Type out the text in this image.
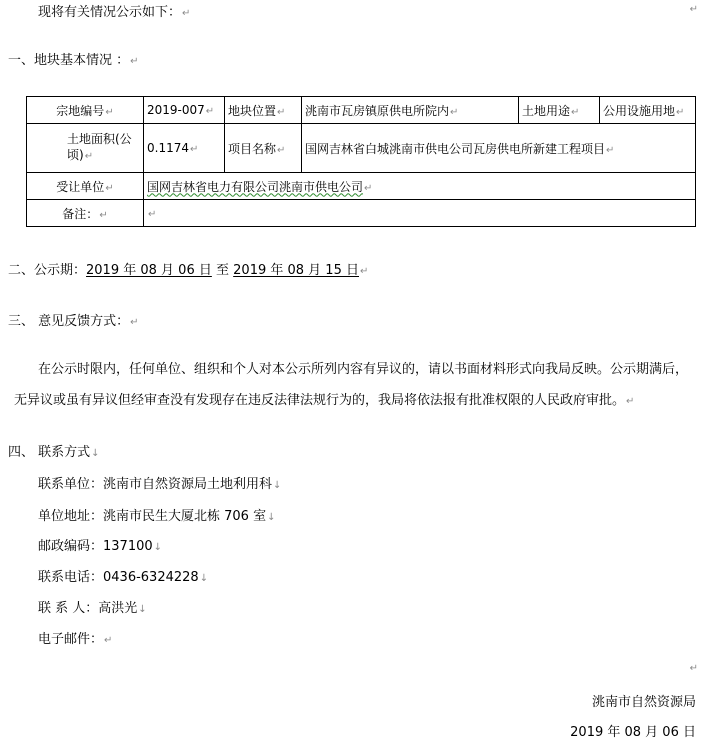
↵
现将有关情况公示如下：↵
一、地块基本情况 ：↵
宗地编号↵	2019-007↵	地块位置↵	洮南市瓦房镇原供电所院内↵	土地用途↵	公用设施用地↵
土地面积(公顷)↵	0.1174↵	项目名称↵	国网吉林省白城洮南市供电公司瓦房供电所新建工程项目↵		
受让单位↵	国网吉林省电力有限公司洮南市供电公司↵				
备注：↵	↵				
二、公示期：2019 年 08 月 06 日 至 2019 年 08 月 15 日↵
三、 意见反馈方式：↵
在公示时限内，任何单位、组织和个人对本公示所列内容有异议的，请以书面材料形式向我局反映。公示期满后，无异议或虽有异议但经审查没有发现存在违反法律法规行为的，我局将依法报有批准权限的人民政府审批。↵
四、 联系方式↓
联系单位：洮南市自然资源局土地利用科↓
单位地址：洮南市民生大厦北栋 706 室↓
邮政编码：137100↓
联系电话：0436-6324228↓
联 系 人：高洪光↓
电子邮件：↵
↵
洮南市自然资源局
2019 年 08 月 06 日
